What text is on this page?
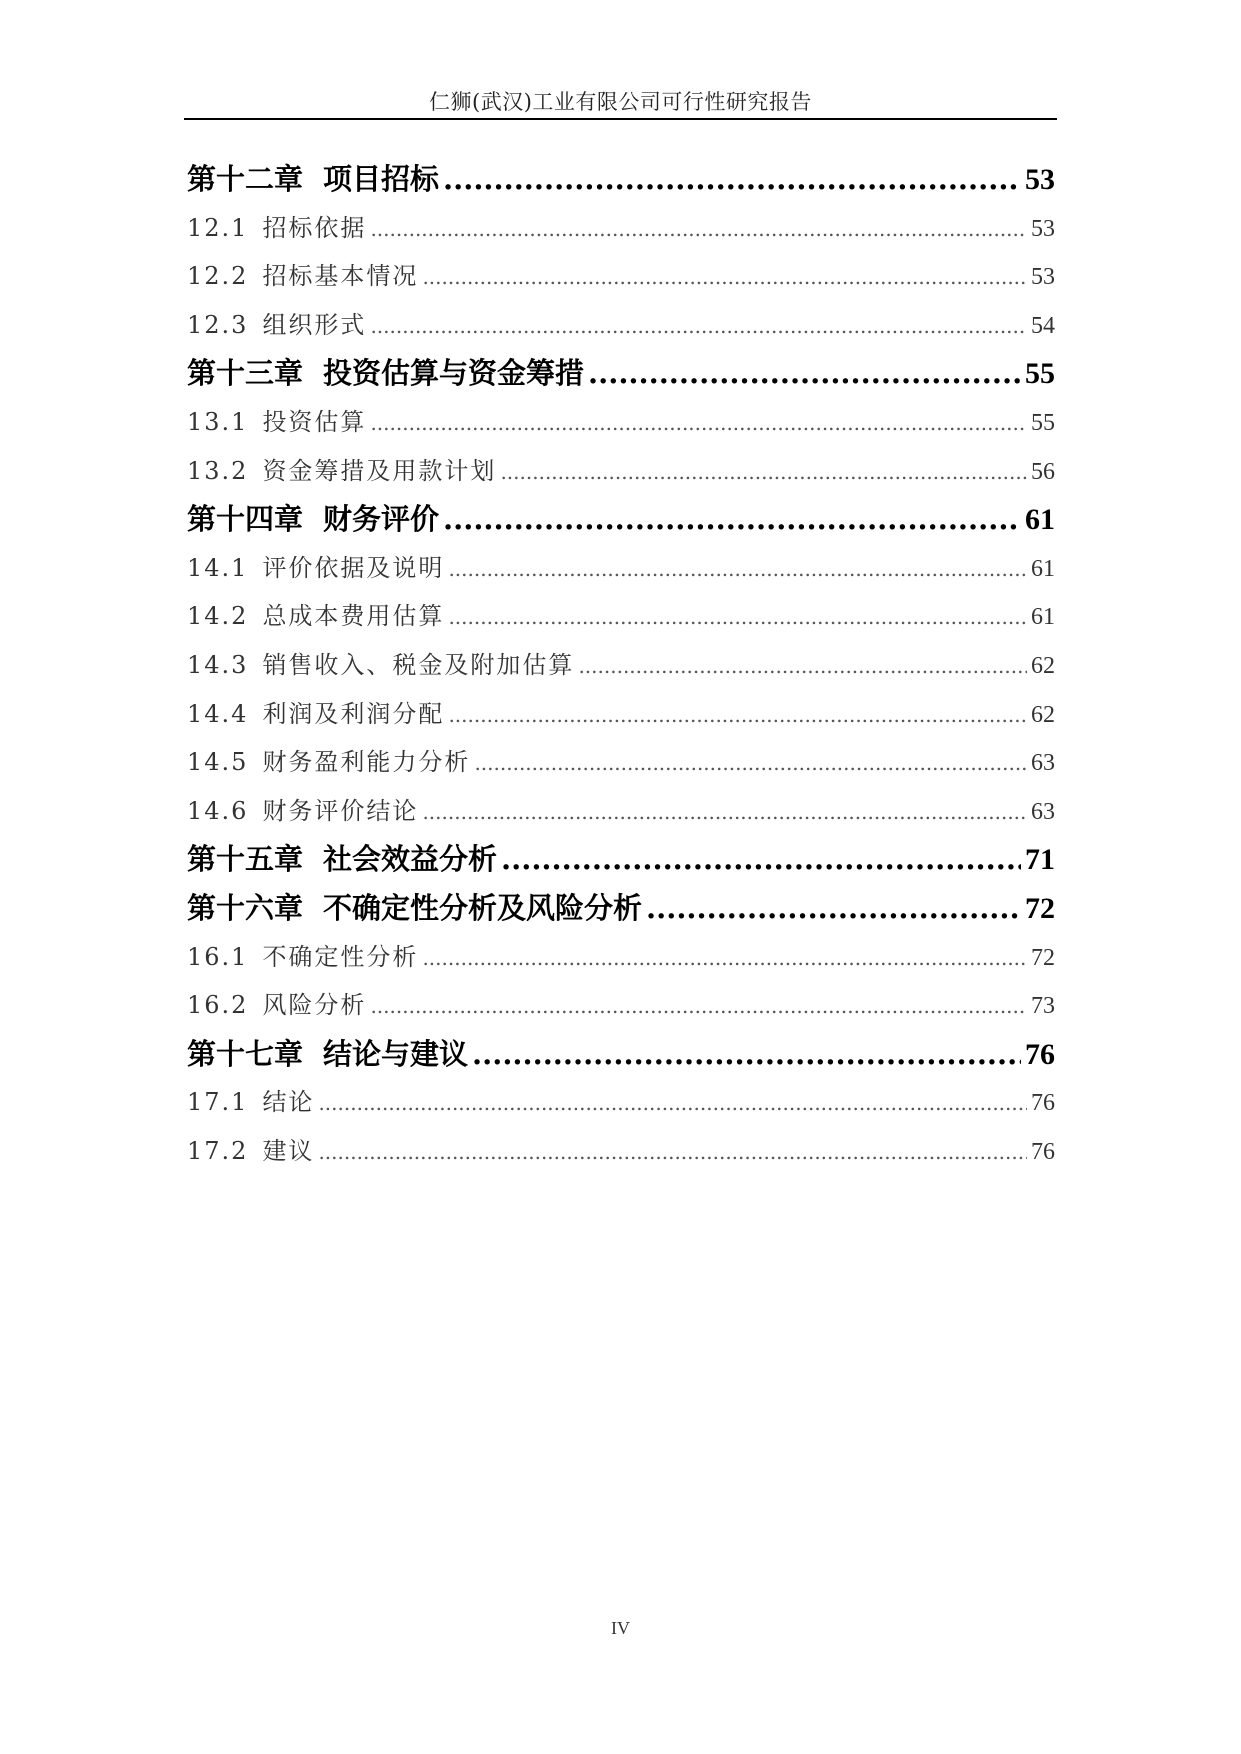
仁狮(武汉)工业有限公司可行性研究报告
第十二章 项目招标 .....	53
12.1 招标依据 .....	53
12.2 招标基本情况 .....	53
12.3 组织形式 .....	54
第十三章 投资估算与资金筹措 .....	55
13.1 投资估算 .....	55
13.2 资金筹措及用款计划 .....	56
第十四章 财务评价 .....	61
14.1 评价依据及说明 .....	61
14.2 总成本费用估算 .....	61
14.3 销售收入、税金及附加估算 .....	62
14.4 利润及利润分配 .....	62
14.5 财务盈利能力分析 .....	63
14.6 财务评价结论 .....	63
第十五章 社会效益分析 .....	71
第十六章 不确定性分析及风险分析 .....	72
16.1 不确定性分析 .....	72
16.2 风险分析 .....	73
第十七章 结论与建议 .....	76
17.1 结论 .....	76
17.2 建议 .....	76
IV
